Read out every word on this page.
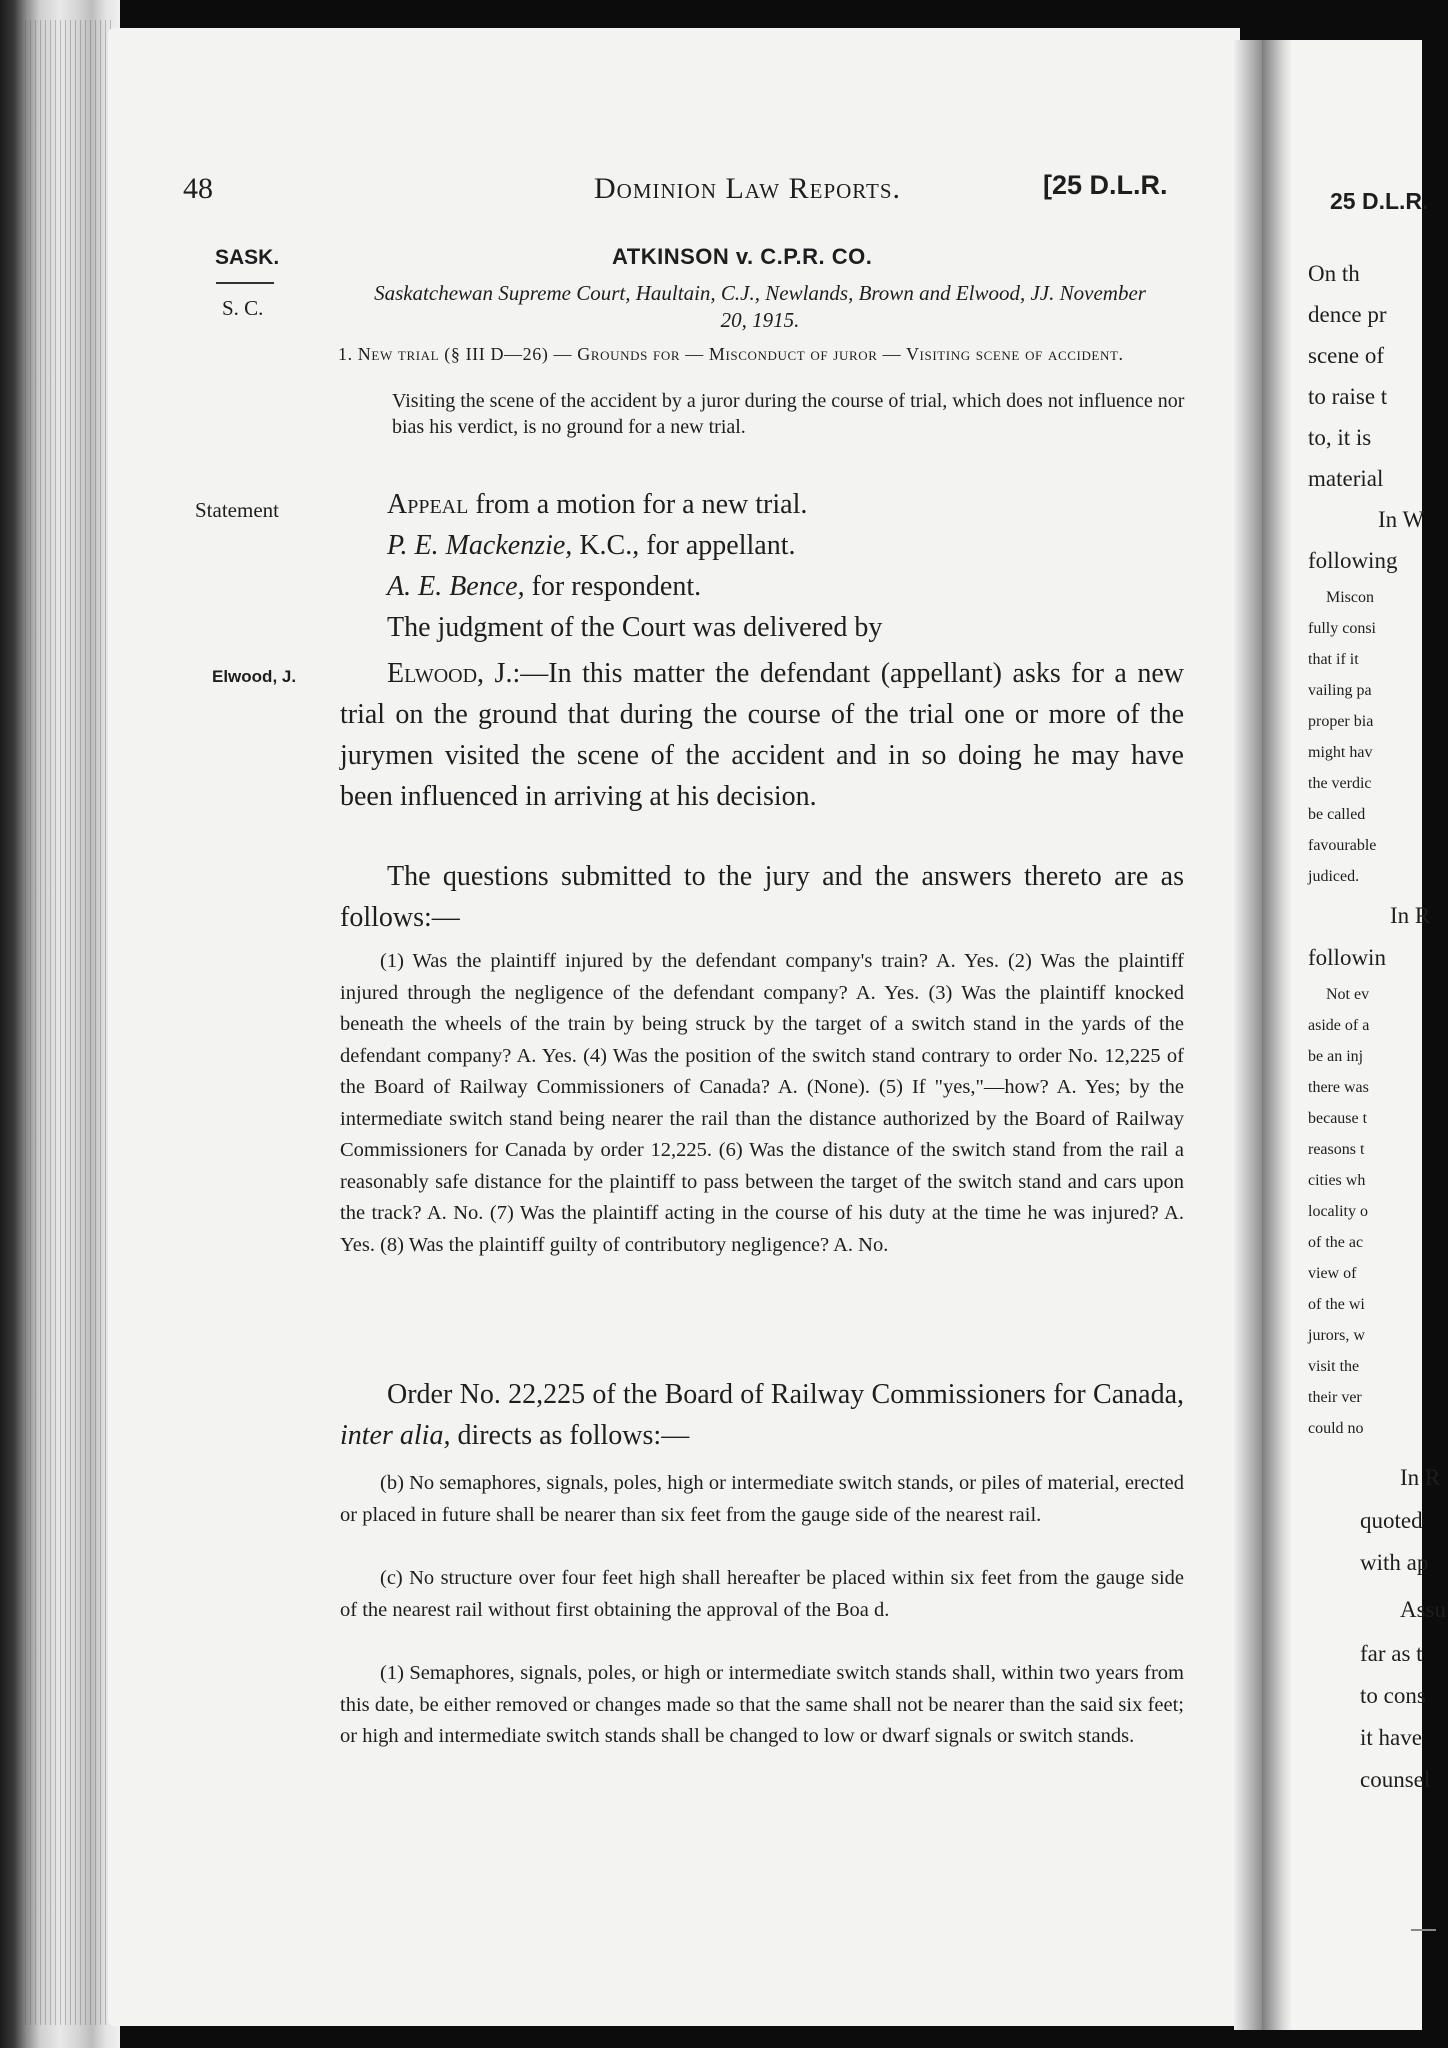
48	Dominion Law Reports.	[25 D.L.R.
SASK.
S. C.
Statement
Elwood, J.
ATKINSON v. C.P.R. CO.
Saskatchewan Supreme Court, Haultain, C.J., Newlands, Brown and Elwood, JJ. November 20, 1915.
1. New trial (§ III D—26) — Grounds for — Misconduct of juror — Visiting scene of accident.
Visiting the scene of the accident by a juror during the course of trial, which does not influence nor bias his verdict, is no ground for a new trial.
Appeal from a motion for a new trial.
P. E. Mackenzie, K.C., for appellant.
A. E. Bence, for respondent.
The judgment of the Court was delivered by
Elwood, J.:—In this matter the defendant (appellant) asks for a new trial on the ground that during the course of the trial one or more of the jurymen visited the scene of the accident and in so doing he may have been influenced in arriving at his decision.
The questions submitted to the jury and the answers thereto are as follows:—
(1) Was the plaintiff injured by the defendant company's train? A. Yes. (2) Was the plaintiff injured through the negligence of the defendant company? A. Yes. (3) Was the plaintiff knocked beneath the wheels of the train by being struck by the target of a switch stand in the yards of the defendant company? A. Yes. (4) Was the position of the switch stand contrary to order No. 12,225 of the Board of Railway Commissioners of Canada? A. (None). (5) If "yes,"—how? A. Yes; by the intermediate switch stand being nearer the rail than the distance authorized by the Board of Railway Commissioners for Canada by order 12,225. (6) Was the distance of the switch stand from the rail a reasonably safe distance for the plaintiff to pass between the target of the switch stand and cars upon the track? A. No. (7) Was the plaintiff acting in the course of his duty at the time he was injured? A. Yes. (8) Was the plaintiff guilty of contributory negligence? A. No.
Order No. 22,225 of the Board of Railway Commissioners for Canada, inter alia, directs as follows:—
(b) No semaphores, signals, poles, high or intermediate switch stands, or piles of material, erected or placed in future shall be nearer than six feet from the gauge side of the nearest rail.
(c) No structure over four feet high shall hereafter be placed within six feet from the gauge side of the nearest rail without first obtaining the approval of the Boa d.
(1) Semaphores, signals, poles, or high or intermediate switch stands shall, within two years from this date, be either removed or changes made so that the same shall not be nearer than the said six feet; or high and intermediate switch stands shall be changed to low or dwarf signals or switch stands.
25 D.L.R.
On th
dence pr
scene of
to raise t
to, it is
material
In W
following
Miscon
fully consi
that if it
vailing pa
proper bia
might hav
the verdic
be called
favourable
judiced.
In R
followin
Not ev
aside of a
be an inj
there was
because t
reasons t
cities wh
locality o
of the ac
view of
of the wi
jurors, w
visit the
their ver
could no
In R
quoted
with ap
Assu
far as t
to cons
it have
counsel
